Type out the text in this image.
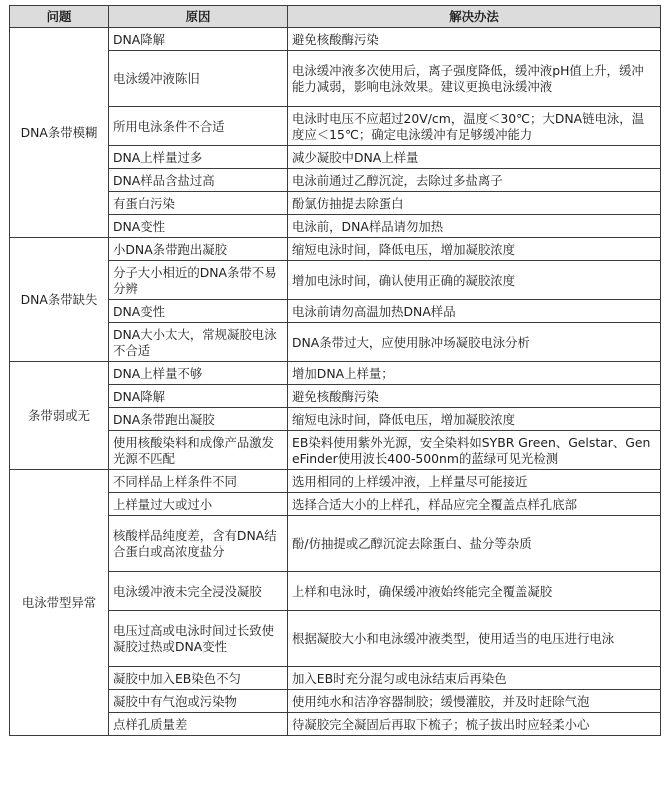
问题	原因	解决办法
DNA条带模糊	DNA降解	避免核酸酶污染
	电泳缓冲液陈旧	电泳缓冲液多次使用后，离子强度降低，缓冲液pH值上升，缓冲能力减弱，影响电泳效果。建议更换电泳缓冲液
	所用电泳条件不合适	电泳时电压不应超过20V/cm，温度＜30℃；大DNA链电泳，温度应＜15℃；确定电泳缓冲有足够缓冲能力
	DNA上样量过多	减少凝胶中DNA上样量
	DNA样品含盐过高	电泳前通过乙醇沉淀，去除过多盐离子
	有蛋白污染	酚氯仿抽提去除蛋白
	DNA变性	电泳前，DNA样品请勿加热
DNA条带缺失	小DNA条带跑出凝胶	缩短电泳时间，降低电压，增加凝胶浓度
	分子大小相近的DNA条带不易分辨	增加电泳时间，确认使用正确的凝胶浓度
	DNA变性	电泳前请勿高温加热DNA样品
	DNA大小太大，常规凝胶电泳不合适	DNA条带过大，应使用脉冲场凝胶电泳分析
条带弱或无	DNA上样量不够	增加DNA上样量；
	DNA降解	避免核酸酶污染
	DNA条带跑出凝胶	缩短电泳时间，降低电压，增加凝胶浓度
	使用核酸染料和成像产品激发光源不匹配	EB染料使用紫外光源，安全染料如SYBR Green、Gelstar、GeneFinder使用波长400-500nm的蓝绿可见光检测
电泳带型异常	不同样品上样条件不同	选用相同的上样缓冲液，上样量尽可能接近
	上样量过大或过小	选择合适大小的上样孔，样品应完全覆盖点样孔底部
	核酸样品纯度差，含有DNA结合蛋白或高浓度盐分	酚/仿抽提或乙醇沉淀去除蛋白、盐分等杂质
	电泳缓冲液未完全浸没凝胶	上样和电泳时，确保缓冲液始终能完全覆盖凝胶
	电压过高或电泳时间过长致使凝胶过热或DNA变性	根据凝胶大小和电泳缓冲液类型，使用适当的电压进行电泳
	凝胶中加入EB染色不匀	加入EB时充分混匀或电泳结束后再染色
	凝胶中有气泡或污染物	使用纯水和洁净容器制胶；缓慢灌胶，并及时赶除气泡
	点样孔质量差	待凝胶完全凝固后再取下梳子；梳子拔出时应轻柔小心
